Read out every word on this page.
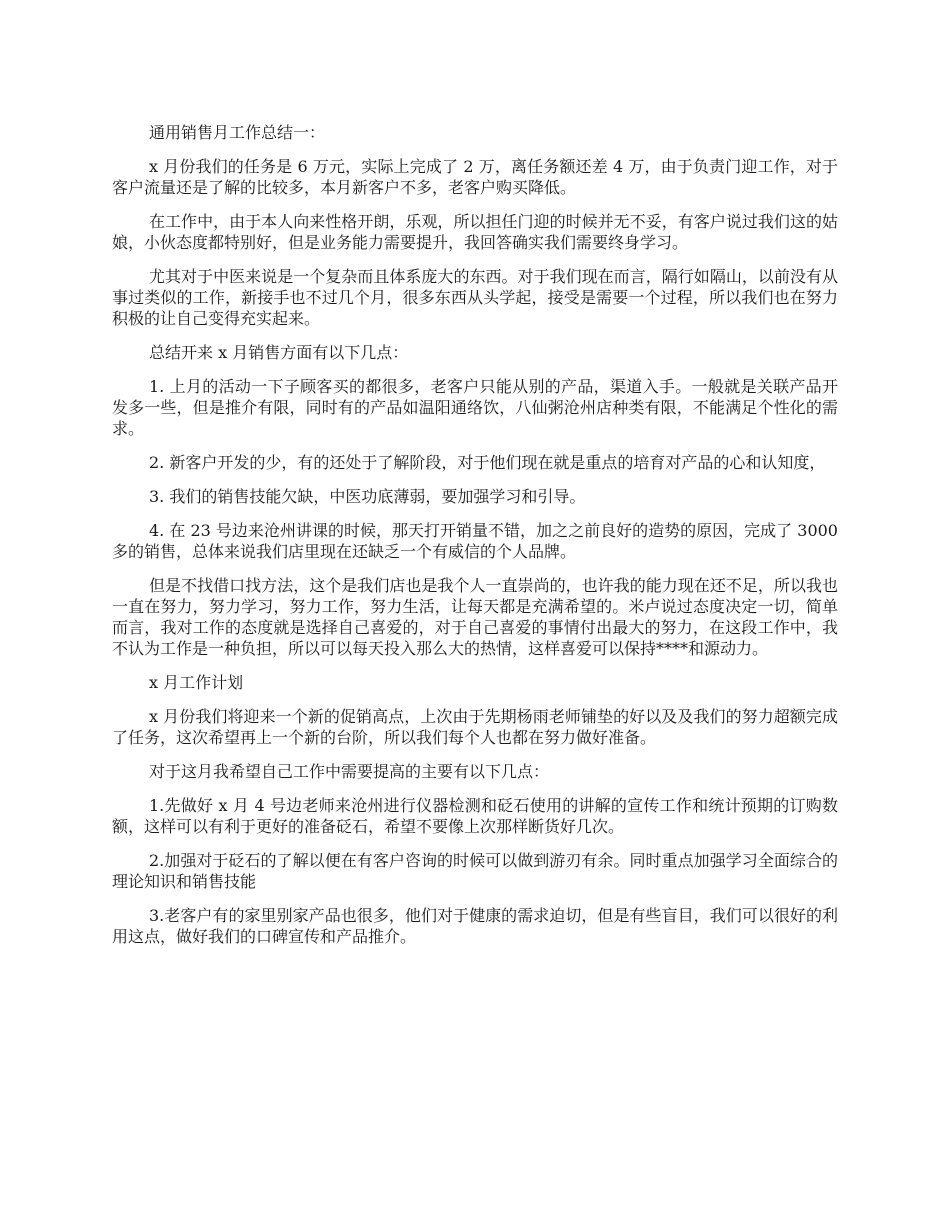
通用销售月工作总结一：

x 月份我们的任务是 6 万元，实际上完成了 2 万，离任务额还差 4 万，由于负责门迎工作，对于客户流量还是了解的比较多，本月新客户不多，老客户购买降低。

在工作中，由于本人向来性格开朗，乐观，所以担任门迎的时候并无不妥，有客户说过我们这的姑娘，小伙态度都特别好，但是业务能力需要提升，我回答确实我们需要终身学习。

尤其对于中医来说是一个复杂而且体系庞大的东西。对于我们现在而言，隔行如隔山，以前没有从事过类似的工作，新接手也不过几个月，很多东西从头学起，接受是需要一个过程，所以我们也在努力积极的让自己变得充实起来。

总结开来 x 月销售方面有以下几点：

1. 上月的活动一下子顾客买的都很多，老客户只能从别的产品，渠道入手。一般就是关联产品开发多一些，但是推介有限，同时有的产品如温阳通络饮，八仙粥沧州店种类有限，不能满足个性化的需求。

2. 新客户开发的少，有的还处于了解阶段，对于他们现在就是重点的培育对产品的心和认知度，

3. 我们的销售技能欠缺，中医功底薄弱，要加强学习和引导。

4. 在 23 号边来沧州讲课的时候，那天打开销量不错，加之之前良好的造势的原因，完成了 3000 多的销售，总体来说我们店里现在还缺乏一个有威信的个人品牌。

但是不找借口找方法，这个是我们店也是我个人一直崇尚的，也许我的能力现在还不足，所以我也一直在努力，努力学习，努力工作，努力生活，让每天都是充满希望的。米卢说过态度决定一切，简单而言，我对工作的态度就是选择自己喜爱的，对于自己喜爱的事情付出最大的努力，在这段工作中，我不认为工作是一种负担，所以可以每天投入那么大的热情，这样喜爱可以保持****和源动力。

x 月工作计划

x 月份我们将迎来一个新的促销高点，上次由于先期杨雨老师铺垫的好以及及我们的努力超额完成了任务，这次希望再上一个新的台阶，所以我们每个人也都在努力做好准备。

对于这月我希望自己工作中需要提高的主要有以下几点：

1.先做好 x 月 4 号边老师来沧州进行仪器检测和砭石使用的讲解的宣传工作和统计预期的订购数额，这样可以有利于更好的准备砭石，希望不要像上次那样断货好几次。

2.加强对于砭石的了解以便在有客户咨询的时候可以做到游刃有余。同时重点加强学习全面综合的理论知识和销售技能

3.老客户有的家里别家产品也很多，他们对于健康的需求迫切，但是有些盲目，我们可以很好的利用这点，做好我们的口碑宣传和产品推介。
